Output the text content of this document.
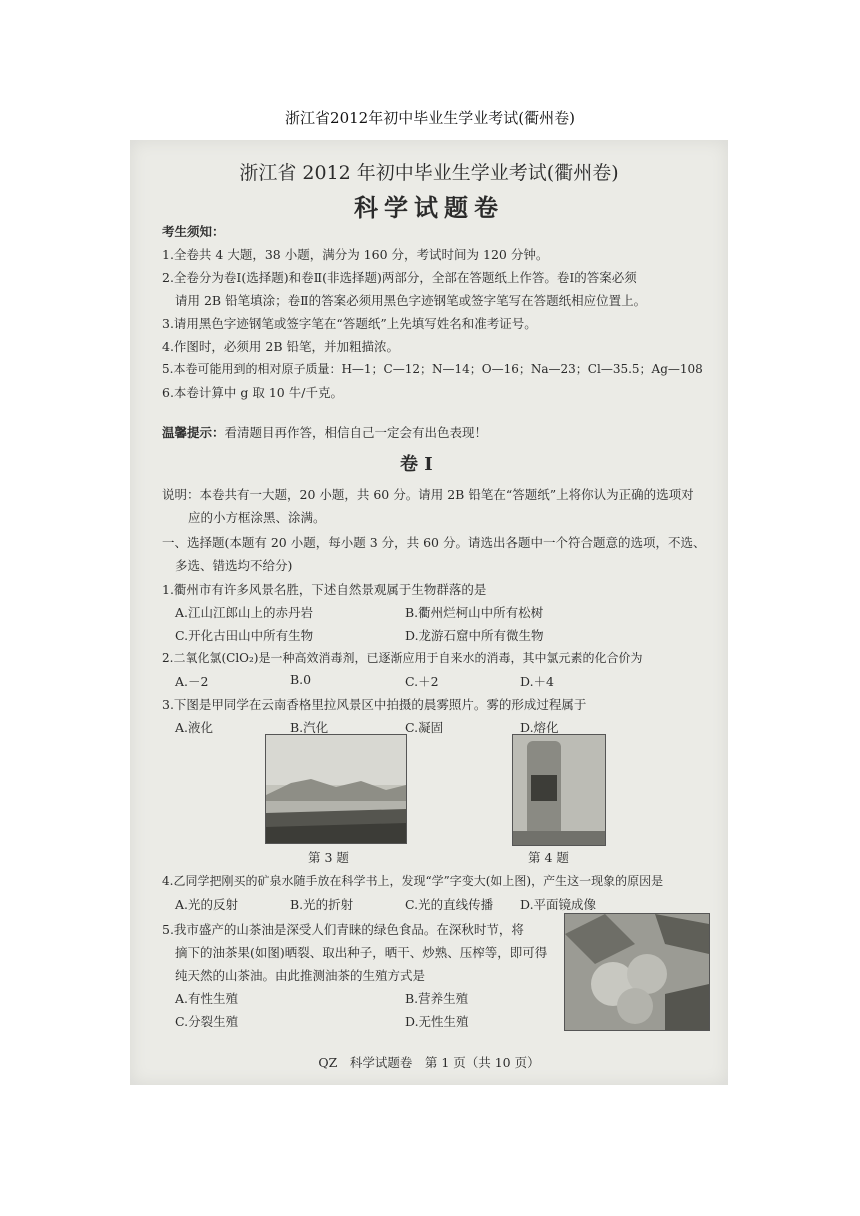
浙江省2012年初中毕业生学业考试(衢州卷)
浙江省 2012 年初中毕业生学业考试(衢州卷)
科学试题卷
考生须知：
1.全卷共 4 大题，38 小题，满分为 160 分，考试时间为 120 分钟。
2.全卷分为卷Ⅰ(选择题)和卷Ⅱ(非选择题)两部分，全部在答题纸上作答。卷Ⅰ的答案必须
请用 2B 铅笔填涂；卷Ⅱ的答案必须用黑色字迹钢笔或签字笔写在答题纸相应位置上。
3.请用黑色字迹钢笔或签字笔在“答题纸”上先填写姓名和准考证号。
4.作图时，必须用 2B 铅笔，并加粗描浓。
5.本卷可能用到的相对原子质量：H—1；C—12；N—14；O—16；Na—23；Cl—35.5；Ag—108
6.本卷计算中 g 取 10 牛/千克。
温馨提示：看清题目再作答，相信自己一定会有出色表现！
卷 Ⅰ
说明：本卷共有一大题，20 小题，共 60 分。请用 2B 铅笔在“答题纸”上将你认为正确的选项对
应的小方框涂黑、涂满。
一、选择题(本题有 20 小题，每小题 3 分，共 60 分。请选出各题中一个符合题意的选项，不选、
多选、错选均不给分)
1.衢州市有许多风景名胜，下述自然景观属于生物群落的是
A.江山江郎山上的赤丹岩	B.衢州烂柯山中所有松树
C.开化古田山中所有生物	D.龙游石窟中所有微生物
2.二氧化氯(ClO₂)是一种高效消毒剂，已逐渐应用于自来水的消毒，其中氯元素的化合价为
A.－2	B.0	C.＋2	D.＋4
3.下图是甲同学在云南香格里拉风景区中拍摄的晨雾照片。雾的形成过程属于
A.液化	B.汽化	C.凝固	D.熔化
第 3 题	第 4 题
4.乙同学把刚买的矿泉水随手放在科学书上，发现“学”字变大(如上图)，产生这一现象的原因是
A.光的反射	B.光的折射	C.光的直线传播 D.平面镜成像
5.我市盛产的山茶油是深受人们青睐的绿色食品。在深秋时节，将
摘下的油茶果(如图)晒裂、取出种子，晒干、炒熟、压榨等，即可得
纯天然的山茶油。由此推测油茶的生殖方式是
A.有性生殖	B.营养生殖
C.分裂生殖	D.无性生殖
QZ　科学试题卷　第 1 页（共 10 页）
